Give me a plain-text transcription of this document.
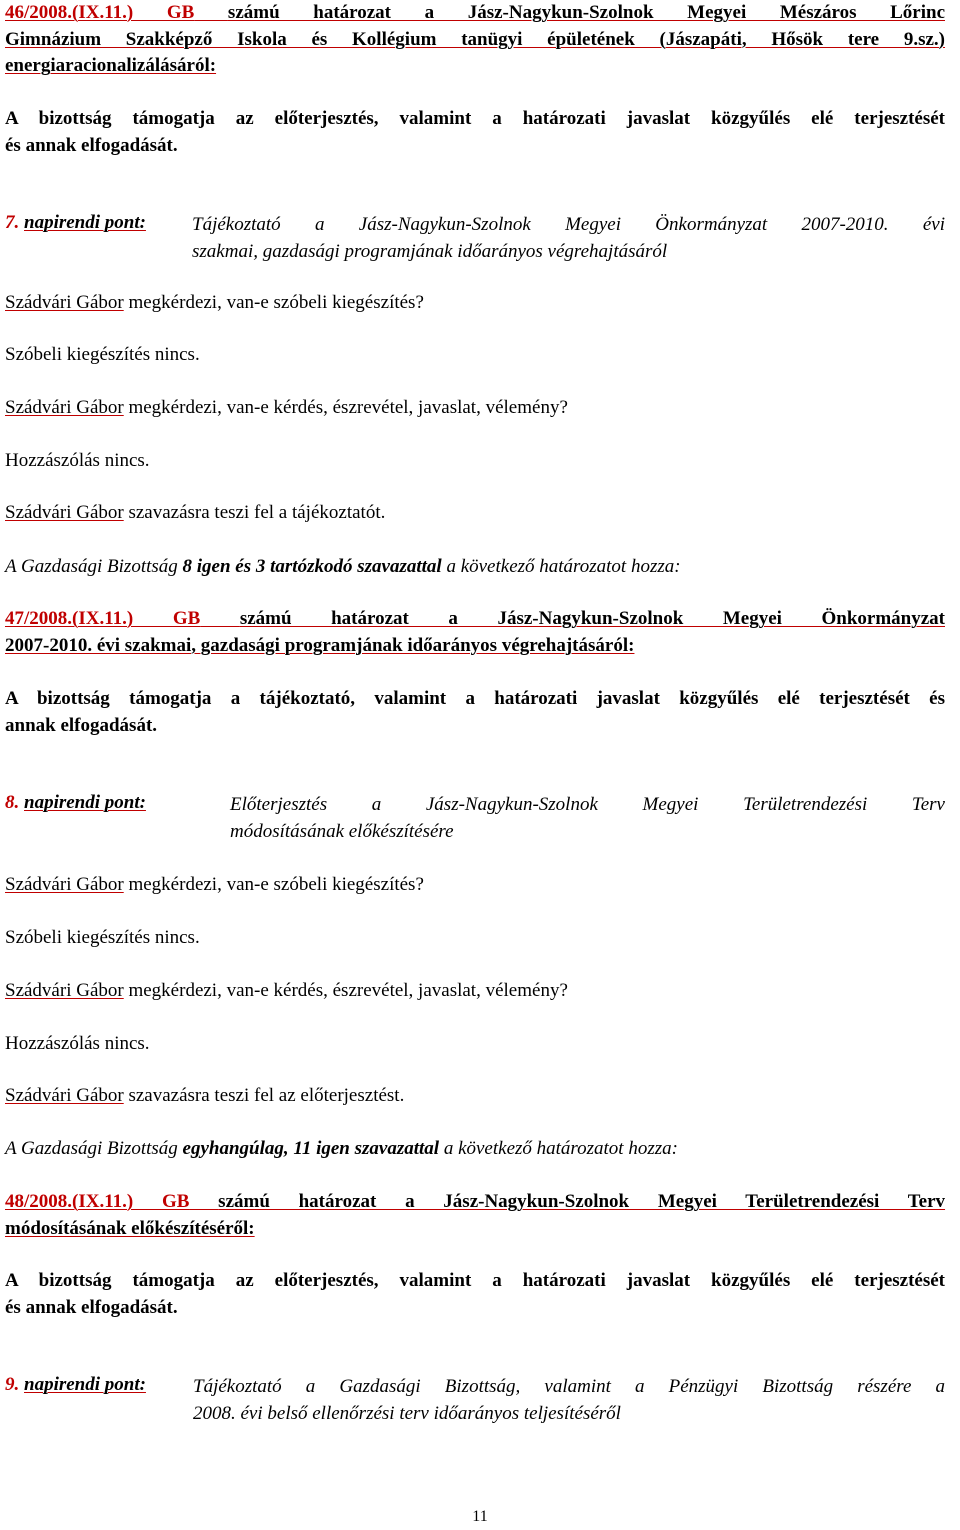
46/2008.(IX.11.) GB számú határozat a Jász-Nagykun-Szolnok Megyei Mészáros Lőrinc

Gimnázium Szakképző Iskola és Kollégium tanügyi épületének (Jászapáti, Hősök tere 9.sz.)

energiaracionalizálásáról:

A bizottság támogatja az előterjesztés, valamint a határozati javaslat közgyűlés elé terjesztését

és annak elfogadását.

7. napirendi pont: Tájékoztató a Jász-Nagykun-Szolnok Megyei Önkormányzat 2007-2010. évi

szakmai, gazdasági programjának időarányos végrehajtásáról

Szádvári Gábor megkérdezi, van-e szóbeli kiegészítés?
Szóbeli kiegészítés nincs.
Szádvári Gábor megkérdezi, van-e kérdés, észrevétel, javaslat, vélemény?
Hozzászólás nincs.
Szádvári Gábor szavazásra teszi fel a tájékoztatót.
A Gazdasági Bizottság 8 igen és 3 tartózkodó szavazattal a következő határozatot hozza:

47/2008.(IX.11.) GB számú határozat a Jász-Nagykun-Szolnok Megyei Önkormányzat

2007-2010. évi szakmai, gazdasági programjának időarányos végrehajtásáról:

A bizottság támogatja a tájékoztató, valamint a határozati javaslat közgyűlés elé terjesztését és

annak elfogadását.

8. napirendi pont:	Előterjesztés a Jász-Nagykun-Szolnok Megyei Területrendezési Terv

módosításának előkészítésére

Szádvári Gábor megkérdezi, van-e szóbeli kiegészítés?
Szóbeli kiegészítés nincs.
Szádvári Gábor megkérdezi, van-e kérdés, észrevétel, javaslat, vélemény?
Hozzászólás nincs.
Szádvári Gábor szavazásra teszi fel az előterjesztést.
A Gazdasági Bizottság egyhangúlag, 11 igen szavazattal a következő határozatot hozza:

48/2008.(IX.11.) GB számú határozat a Jász-Nagykun-Szolnok Megyei Területrendezési Terv

módosításának előkészítéséről:

A bizottság támogatja az előterjesztés, valamint a határozati javaslat közgyűlés elé terjesztését

és annak elfogadását.

9. napirendi pont: Tájékoztató a Gazdasági Bizottság, valamint a Pénzügyi Bizottság részére a

2008. évi belső ellenőrzési terv időarányos teljesítéséről

11
